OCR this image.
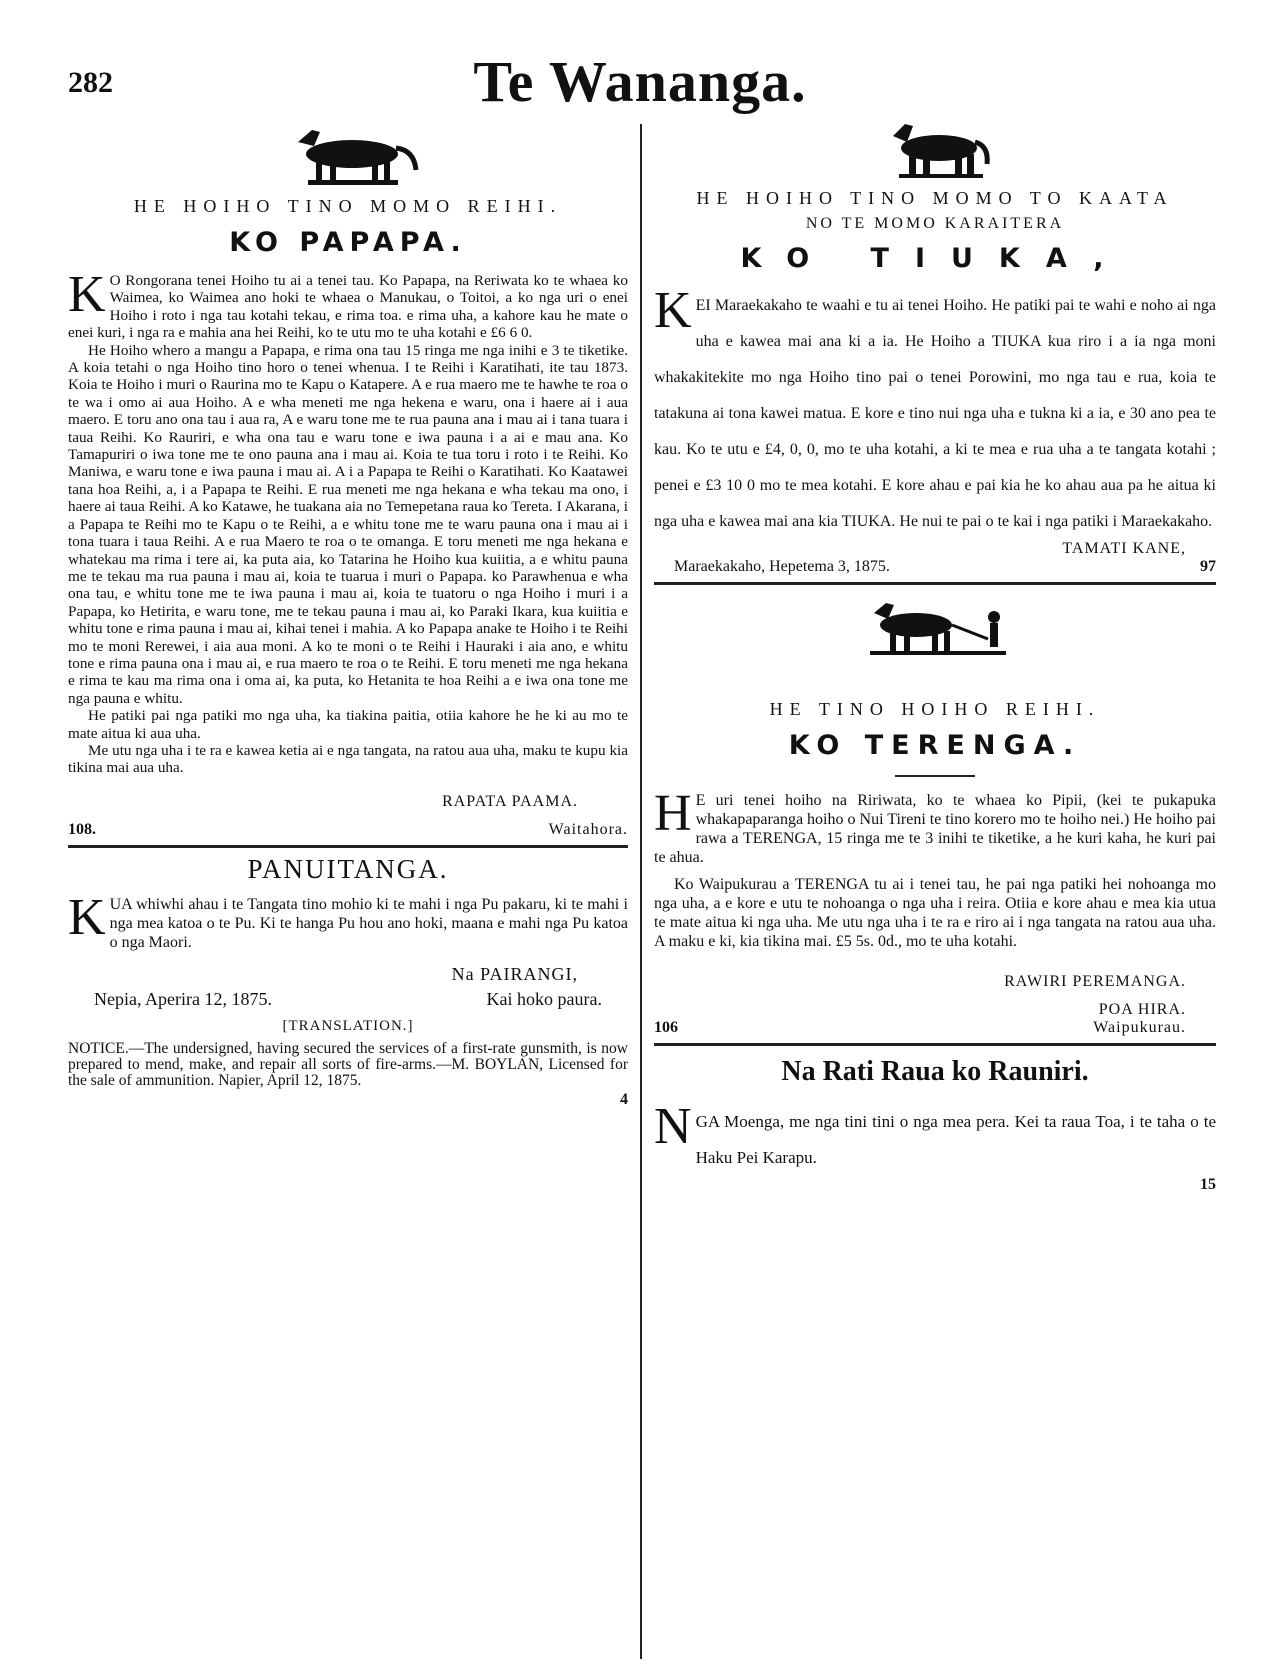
282	Te Wananga.
HE HOIHO TINO MOMO REIHI.
KO PAPAPA.
K O Rongorana tenei Hoiho tu ai a tenei tau. Ko Papapa, na Reriwata ko te whaea ko Waimea, ko Waimea ano hoki te whaea o Manukau, o Toitoi, a ko nga uri o enei Hoiho i roto i nga tau kotahi tekau, e rima toa. e rima uha, a kahore kau he mate o enei kuri, i nga ra e mahia ana hei Reihi, ko te utu mo te uha kotahi e £6 6 0.

He Hoiho whero a mangu a Papapa, e rima ona tau 15 ringa me nga inihi e 3 te tiketike. A koia tetahi o nga Hoiho tino horo o tenei whenua. I te Reihi i Karatihati, ite tau 1873. Koia te Hoiho i muri o Raurina mo te Kapu o Katapere. A e rua maero me te hawhe te roa o te wa i omo ai aua Hoiho. A e wha meneti me nga hekena e waru, ona i haere ai i aua maero. E toru ano ona tau i aua ra, A e waru tone me te rua pauna ana i mau ai i tana tuara i taua Reihi. Ko Rauriri, e wha ona tau e waru tone e iwa pauna i a ai e mau ana. Ko Tamapuriri o iwa tone me te ono pauna ana i mau ai. Koia te tua toru i roto i te Reihi. Ko Maniwa, e waru tone e iwa pauna i mau ai. A i a Papapa te Reihi o Karatihati. Ko Kaatawei tana hoa Reihi, a, i a Papapa te Reihi. E rua meneti me nga hekana e wha tekau ma ono, i haere ai taua Reihi. A ko Katawe, he tuakana aia no Temepetana raua ko Tereta. I Akarana, i a Papapa te Reihi mo te Kapu o te Reihi, a e whitu tone me te waru pauna ona i mau ai i tona tuara i taua Reihi. A e rua Maero te roa o te omanga. E toru meneti me nga hekana e whatekau ma rima i tere ai, ka puta aia, ko Tatarina he Hoiho kua kuiitia, a e whitu pauna me te tekau ma rua pauna i mau ai, koia te tuarua i muri o Papapa. ko Parawhenua e wha ona tau, e whitu tone me te iwa pauna i mau ai, koia te tuatoru o nga Hoiho i muri i a Papapa, ko Hetirita, e waru tone, me te tekau pauna i mau ai, ko Paraki Ikara, kua kuiitia e whitu tone e rima pauna i mau ai, kihai tenei i mahia. A ko Papapa anake te Hoiho i te Reihi mo te moni Rerewei, i aia aua moni. A ko te moni o te Reihi i Hauraki i aia ano, e whitu tone e rima pauna ona i mau ai, e rua maero te roa o te Reihi. E toru meneti me nga hekana e rima te kau ma rima ona i oma ai, ka puta, ko Hetanita te hoa Reihi a e iwa ona tone me nga pauna e whitu.

He patiki pai nga patiki mo nga uha, ka tiakina paitia, otiia kahore he he ki au mo te mate aitua ki aua uha.

Me utu nga uha i te ra e kawea ketia ai e nga tangata, na ratou aua uha, maku te kupu kia tikina mai aua uha.

RAPATA PAAMA.
108.	Waitahora.
PANUITANGA.
K UA whiwhi ahau i te Tangata tino mohio ki te mahi i nga Pu pakaru, ki te mahi i nga mea katoa o te Pu. Ki te hanga Pu hou ano hoki, maana e mahi nga Pu katoa o nga Maori.
Na PAIRANGI,
Nepia, Aperira 12, 1875.	Kai hoko paura.
[TRANSLATION.]
NOTICE.—The undersigned, having secured the services of a first-rate gunsmith, is now prepared to mend, make, and repair all sorts of fire-arms.—M. BOYLAN, Licensed for the sale of ammunition. Napier, April 12, 1875.
4
HE HOIHO TINO MOMO TO KAATA
NO TE MOMO KARAITERA
KO TIUKA,
K EI Maraekakaho te waahi e tu ai tenei Hoiho. He patiki pai te wahi e noho ai nga uha e kawea mai ana ki a ia. He Hoiho a TIUKA kua riro i a ia nga moni whakakitekite mo nga Hoiho tino pai o tenei Porowini, mo nga tau e rua, koia te tatakuna ai tona kawei matua. E kore e tino nui nga uha e tukna ki a ia, e 30 ano pea te kau. Ko te utu e £4, 0, 0, mo te uha kotahi, a ki te mea e rua uha a te tangata kotahi ; penei e £3 10 0 mo te mea kotahi. E kore ahau e pai kia he ko ahau aua pa he aitua ki nga uha e kawea mai ana kia TIUKA. He nui te pai o te kai i nga patiki i Maraekakaho.
TAMATI KANE,
Maraekakaho, Hepetema 3, 1875.	97
HE TINO HOIHO REIHI.
KO TERENGA.
H E uri tenei hoiho na Ririwata, ko te whaea ko Pipii, (kei te pukapuka whakapaparanga hoiho o Nui Tireni te tino korero mo te hoiho nei.) He hoiho pai rawa a TERENGA, 15 ringa me te 3 inihi te tiketike, a he kuri kaha, he kuri pai te ahua.

Ko Waipukurau a TERENGA tu ai i tenei tau, he pai nga patiki hei nohoanga mo nga uha, a e kore e utu te nohoanga o nga uha i reira. Otiia e kore ahau e mea kia utua te mate aitua ki nga uha. Me utu nga uha i te ra e riro ai i nga tangata na ratou aua uha. A maku e ki, kia tikina mai. £5 5s. 0d., mo te uha kotahi.

RAWIRI PEREMANGA.
POA HIRA.
106	Waipukurau.
Na Rati Raua ko Rauniri.
N GA Moenga, me nga tini tini o nga mea pera. Kei ta raua Toa, i te taha o te Haku Pei Karapu.
15
